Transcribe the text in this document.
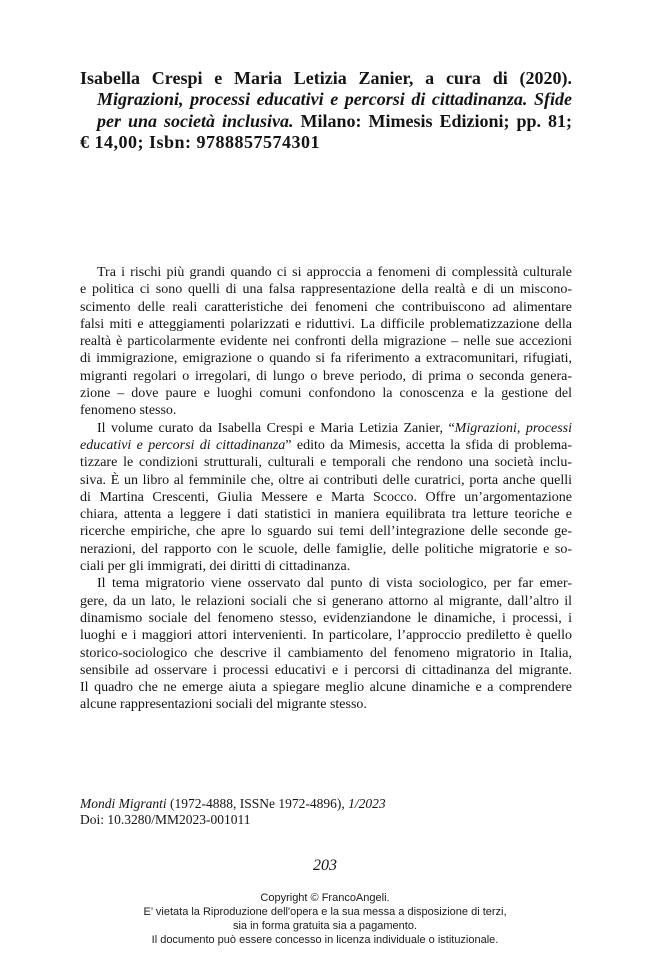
Isabella Crespi e Maria Letizia Zanier, a cura di (2020).
Migrazioni, processi educativi e percorsi di cittadinanza. Sfide
per una società inclusiva. Milano: Mimesis Edizioni; pp. 81;
€ 14,00; Isbn: 9788857574301
Tra i rischi più grandi quando ci si approccia a fenomeni di complessità culturale
e politica ci sono quelli di una falsa rappresentazione della realtà e di un miscono-
scimento delle reali caratteristiche dei fenomeni che contribuiscono ad alimentare
falsi miti e atteggiamenti polarizzati e riduttivi. La difficile problematizzazione della
realtà è particolarmente evidente nei confronti della migrazione – nelle sue accezioni
di immigrazione, emigrazione o quando si fa riferimento a extracomunitari, rifugiati,
migranti regolari o irregolari, di lungo o breve periodo, di prima o seconda genera-
zione – dove paure e luoghi comuni confondono la conoscenza e la gestione del
fenomeno stesso.
Il volume curato da Isabella Crespi e Maria Letizia Zanier, “Migrazioni, processi
educativi e percorsi di cittadinanza” edito da Mimesis, accetta la sfida di problema-
tizzare le condizioni strutturali, culturali e temporali che rendono una società inclu-
siva. È un libro al femminile che, oltre ai contributi delle curatrici, porta anche quelli
di Martina Crescenti, Giulia Messere e Marta Scocco. Offre un’argomentazione
chiara, attenta a leggere i dati statistici in maniera equilibrata tra letture teoriche e
ricerche empiriche, che apre lo sguardo sui temi dell’integrazione delle seconde ge-
nerazioni, del rapporto con le scuole, delle famiglie, delle politiche migratorie e so-
ciali per gli immigrati, dei diritti di cittadinanza.
Il tema migratorio viene osservato dal punto di vista sociologico, per far emer-
gere, da un lato, le relazioni sociali che si generano attorno al migrante, dall’altro il
dinamismo sociale del fenomeno stesso, evidenziandone le dinamiche, i processi, i
luoghi e i maggiori attori intervenienti. In particolare, l’approccio prediletto è quello
storico-sociologico che descrive il cambiamento del fenomeno migratorio in Italia,
sensibile ad osservare i processi educativi e i percorsi di cittadinanza del migrante.
Il quadro che ne emerge aiuta a spiegare meglio alcune dinamiche e a comprendere
alcune rappresentazioni sociali del migrante stesso.
Mondi Migranti (1972-4888, ISSNe 1972-4896), 1/2023
Doi: 10.3280/MM2023-001011
203
Copyright © FrancoAngeli.
E’ vietata la Riproduzione dell'opera e la sua messa a disposizione di terzi,
sia in forma gratuita sia a pagamento.
Il documento può essere concesso in licenza individuale o istituzionale.
